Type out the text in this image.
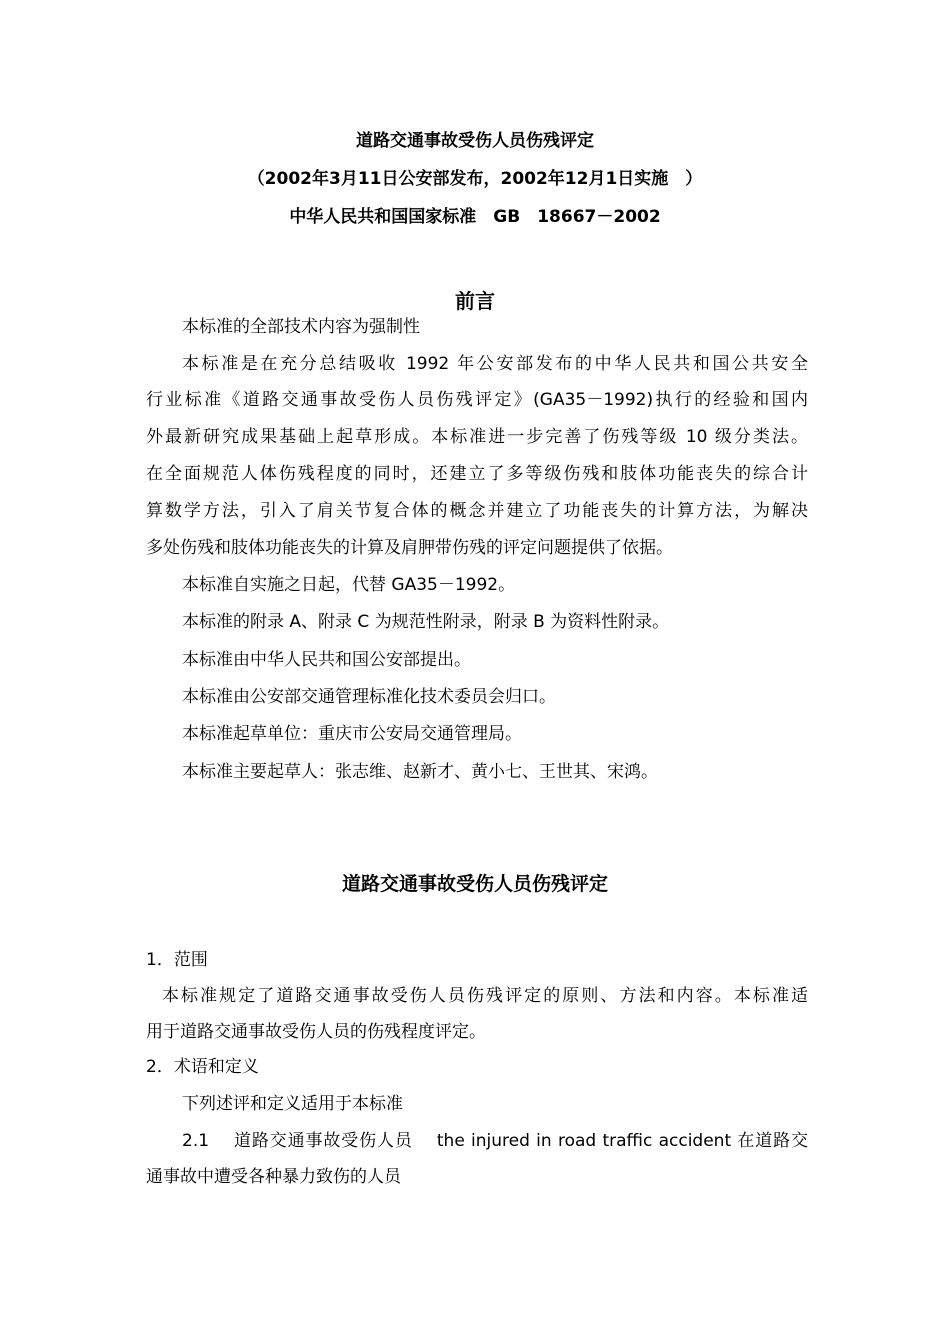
道路交通事故受伤人员伤残评定

（2002年3月11日公安部发布，2002年12月1日实施　）

中华人民共和国国家标准　GB　18667－2002

前言

本标准的全部技术内容为强制性

本标准是在充分总结吸收 1992 年公安部发布的中华人民共和国公共安全

行业标准《道路交通事故受伤人员伤残评定》(GA35－1992)执行的经验和国内

外最新研究成果基础上起草形成。本标准进一步完善了伤残等级 10 级分类法。

在全面规范人体伤残程度的同时，还建立了多等级伤残和肢体功能丧失的综合计

算数学方法，引入了肩关节复合体的概念并建立了功能丧失的计算方法，为解决

多处伤残和肢体功能丧失的计算及肩胛带伤残的评定问题提供了依据。

本标准自实施之日起，代替 GA35－1992。

本标准的附录 A、附录 C 为规范性附录，附录 B 为资料性附录。

本标准由中华人民共和国公安部提出。

本标准由公安部交通管理标准化技术委员会归口。

本标准起草单位：重庆市公安局交通管理局。

本标准主要起草人：张志维、赵新才、黄小七、王世其、宋鸿。

道路交通事故受伤人员伤残评定

1．范围

本标准规定了道路交通事故受伤人员伤残评定的原则、方法和内容。本标准适

用于道路交通事故受伤人员的伤残程度评定。

2．术语和定义

下列述评和定义适用于本标准

2.1　 道路交通事故受伤人员　 the injured in road traffic accident 在道路交

通事故中遭受各种暴力致伤的人员
